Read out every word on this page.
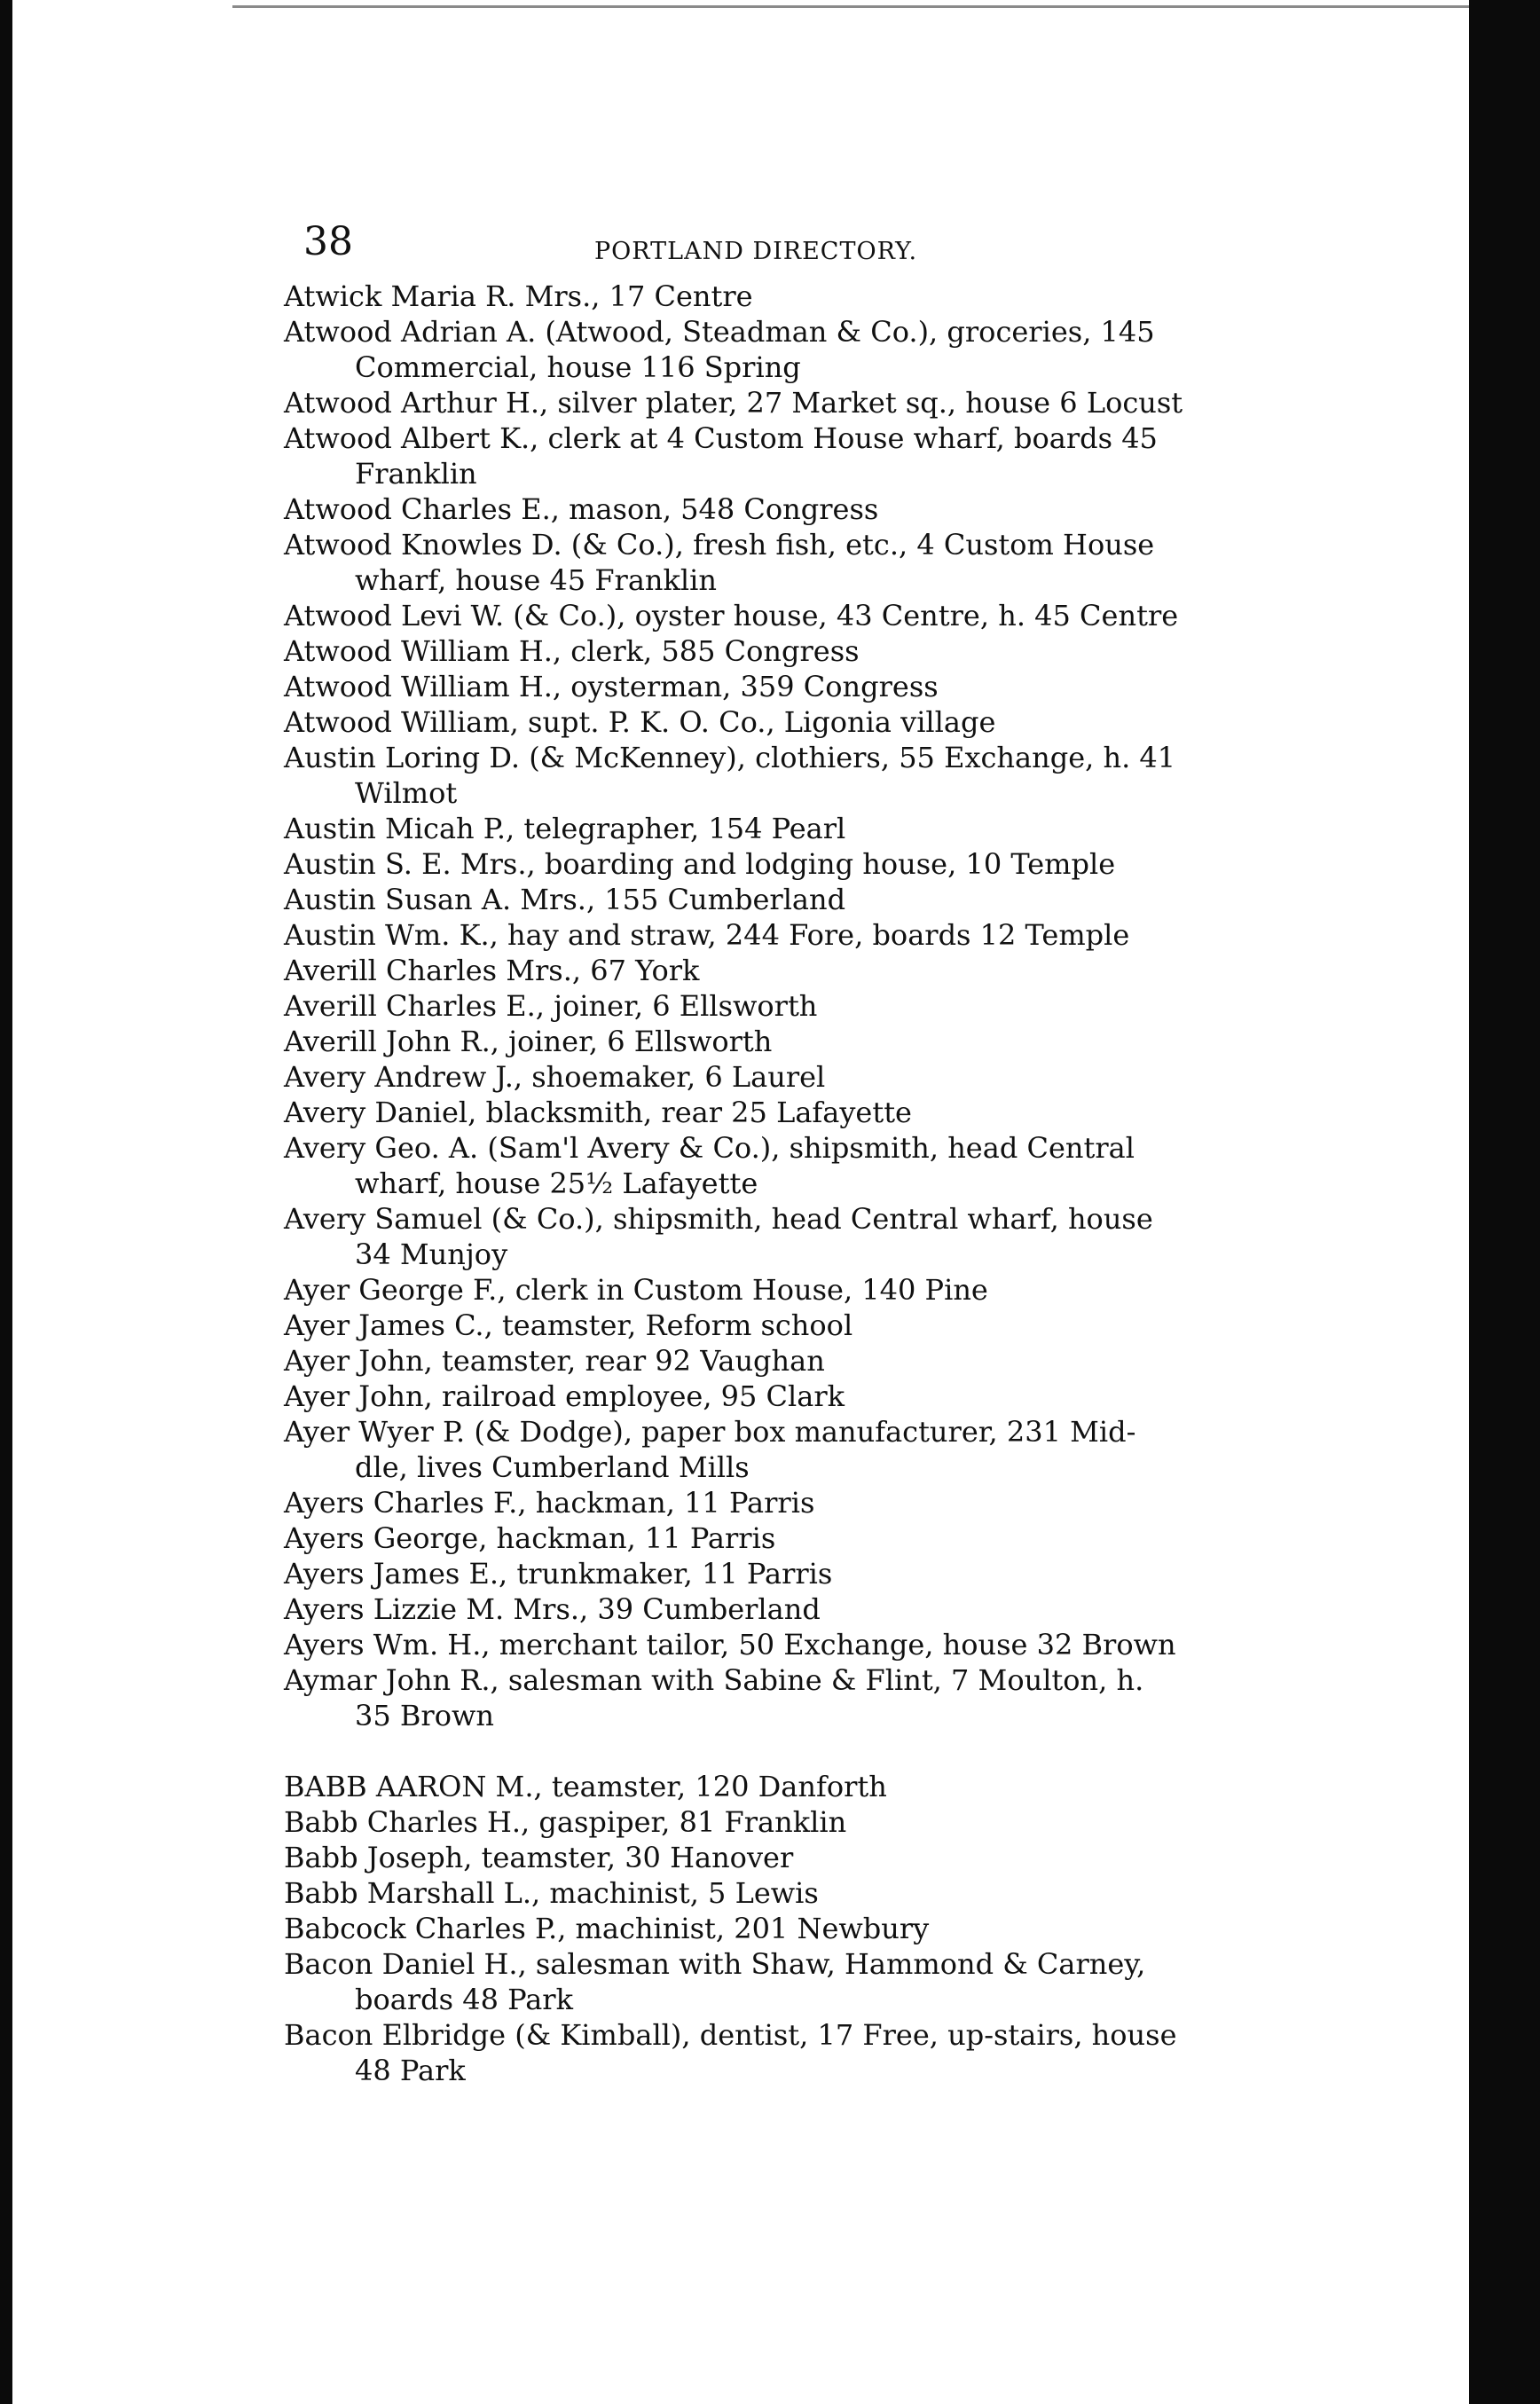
38	PORTLAND DIRECTORY.
Atwick Maria R. Mrs., 17 Centre
Atwood Adrian A. (Atwood, Steadman & Co.), groceries, 145
Commercial, house 116 Spring
Atwood Arthur H., silver plater, 27 Market sq., house 6 Locust
Atwood Albert K., clerk at 4 Custom House wharf, boards 45
Franklin
Atwood Charles E., mason, 548 Congress
Atwood Knowles D. (& Co.), fresh fish, etc., 4 Custom House
wharf, house 45 Franklin
Atwood Levi W. (& Co.), oyster house, 43 Centre, h. 45 Centre
Atwood William H., clerk, 585 Congress
Atwood William H., oysterman, 359 Congress
Atwood William, supt. P. K. O. Co., Ligonia village
Austin Loring D. (& McKenney), clothiers, 55 Exchange, h. 41
Wilmot
Austin Micah P., telegrapher, 154 Pearl
Austin S. E. Mrs., boarding and lodging house, 10 Temple
Austin Susan A. Mrs., 155 Cumberland
Austin Wm. K., hay and straw, 244 Fore, boards 12 Temple
Averill Charles Mrs., 67 York
Averill Charles E., joiner, 6 Ellsworth
Averill John R., joiner, 6 Ellsworth
Avery Andrew J., shoemaker, 6 Laurel
Avery Daniel, blacksmith, rear 25 Lafayette
Avery Geo. A. (Sam'l Avery & Co.), shipsmith, head Central
wharf, house 25½ Lafayette
Avery Samuel (& Co.), shipsmith, head Central wharf, house
34 Munjoy
Ayer George F., clerk in Custom House, 140 Pine
Ayer James C., teamster, Reform school
Ayer John, teamster, rear 92 Vaughan
Ayer John, railroad employee, 95 Clark
Ayer Wyer P. (& Dodge), paper box manufacturer, 231 Mid-
dle, lives Cumberland Mills
Ayers Charles F., hackman, 11 Parris
Ayers George, hackman, 11 Parris
Ayers James E., trunkmaker, 11 Parris
Ayers Lizzie M. Mrs., 39 Cumberland
Ayers Wm. H., merchant tailor, 50 Exchange, house 32 Brown
Aymar John R., salesman with Sabine & Flint, 7 Moulton, h.
35 Brown
BABB AARON M., teamster, 120 Danforth
Babb Charles H., gaspiper, 81 Franklin
Babb Joseph, teamster, 30 Hanover
Babb Marshall L., machinist, 5 Lewis
Babcock Charles P., machinist, 201 Newbury
Bacon Daniel H., salesman with Shaw, Hammond & Carney,
boards 48 Park
Bacon Elbridge (& Kimball), dentist, 17 Free, up-stairs, house
48 Park
